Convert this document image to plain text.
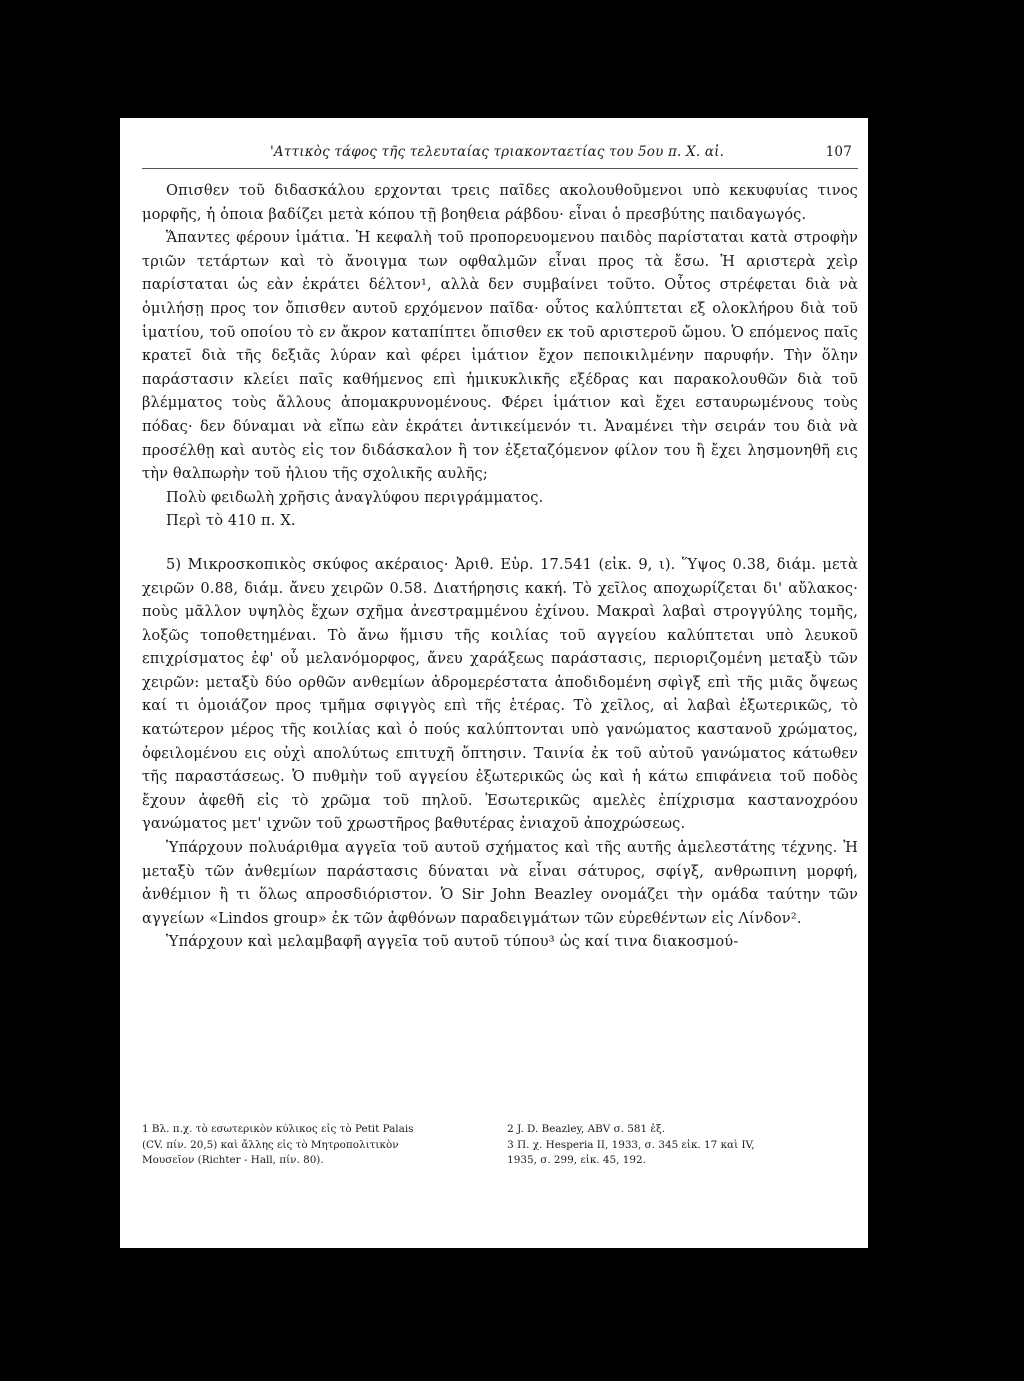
'Αττικὸς τάφος τῆς τελευταίας τριακονταετίας του 5ου π. Χ. αἰ.	107

Οπισθεν τοῦ διδασκάλου ερχονται τρεις παῖδες ακολουθοῦμενοι υπὸ κεκυφυίας τινος μορφῆς, ἡ ὁποια βαδίζει μετὰ κόπου τῇ βοηθεια ράβδου· εἶναι ὁ πρεσβύτης παιδαγωγός.

Ἅπαντες φέρουν ἱμάτια. Ἡ κεφαλὴ τοῦ προπορευομενου παιδὸς παρίσταται κατὰ στροφὴν τριῶν τετάρτων καὶ τὸ ἄνοιγμα των οφθαλμῶν εἶναι προς τὰ ἔσω. Ἡ αριστερὰ χεὶρ παρίσταται ὡς εὰν ἐκράτει δέλτον¹, αλλὰ δεν συμβαίνει τοῦτο. Οὗτος στρέφεται διὰ νὰ ὁμιλήσῃ προς τον ὄπισθεν αυτοῦ ερχόμενον παῖδα· οὗτος καλύπτεται εξ ολοκλήρου διὰ τοῦ ἱματίου, τοῦ οποίου τὸ εν ἄκρον καταπίπτει ὄπισθεν εκ τοῦ αριστεροῦ ὤμου. Ὁ επόμενος παῖς κρατεῖ διὰ τῆς δεξιᾶς λύραν καὶ φέρει ἱμάτιον ἔχον πεποικιλμένην παρυφήν. Τὴν ὅλην παράστασιν κλείει παῖς καθήμενος επὶ ἡμικυκλικῆς εξέδρας και παρακολουθῶν διὰ τοῦ βλέμματος τοὺς ἄλλους ἀπομακρυνομένους. Φέρει ἱμάτιον καὶ ἔχει εσταυρωμένους τοὺς πόδας· δεν δύναμαι νὰ εἴπω εὰν ἐκράτει ἀντικείμενόν τι. Ἀναμένει τὴν σειράν του διὰ νὰ προσέλθῃ καὶ αυτὸς εἰς τον διδάσκαλον ἢ τον ἐξεταζόμενον φίλον του ἢ ἔχει λησμονηθῆ εις τὴν θαλπωρὴν τοῦ ἡλιου τῆς σχολικῆς αυλῆς;

Πολὺ φειδωλὴ χρῆσις ἀναγλύφου περιγράμματος.

Περὶ τὸ 410 π. Χ.

5) Μικροσκοπικὸς σκύφος ακέραιος· Ἀριθ. Εὑρ. 17.541 (εἰκ. 9, ι). Ὕψος 0.38, διάμ. μετὰ χειρῶν 0.88, διάμ. ἄνευ χειρῶν 0.58. Διατήρησις κακή. Τὸ χεῖλος αποχωρίζεται δι' αὔλακος· ποὺς μᾶλλον υψηλὸς ἔχων σχῆμα ἀνεστραμμένου ἐχίνου. Μακραὶ λαβαὶ στρογγύλης τομῆς, λοξῶς τοποθετημέναι. Τὸ ἄνω ἥμισυ τῆς κοιλίας τοῦ αγγείου καλύπτεται υπὸ λευκοῦ επιχρίσματος ἐφ' οὗ μελανόμορφος, ἄνευ χαράξεως παράστασις, περιοριζομένη μεταξὺ τῶν χειρῶν: μεταξὺ δύο ορθῶν ανθεμίων ἀδρομερέστατα ἀποδιδομένη σφὶγξ επὶ τῆς μιᾶς ὄψεως καί τι ὁμοιάζον προς τμῆμα σφιγγὸς επὶ τῆς ἑτέρας. Τὸ χεῖλος, αἱ λαβαὶ ἐξωτερικῶς, τὸ κατώτερον μέρος τῆς κοιλίας καὶ ὁ πούς καλύπτονται υπὸ γανώματος καστανοῦ χρώματος, ὀφειλομένου εις οὐχὶ απολύτως επιτυχῆ ὄπτησιν. Ταινία ἐκ τοῦ αὐτοῦ γανώματος κάτωθεν τῆς παραστάσεως. Ὁ πυθμὴν τοῦ αγγείου ἐξωτερικῶς ὡς καὶ ἡ κάτω επιφάνεια τοῦ ποδὸς ἔχουν ἀφεθῆ εἰς τὸ χρῶμα τοῦ πηλοῦ. Ἐσωτερικῶς αμελὲς ἐπίχρισμα καστανοχρόου γανώματος μετ' ιχνῶν τοῦ χρωστῆρος βαθυτέρας ἐνιαχοῦ ἀποχρώσεως.

Ὑπάρχουν πολυάριθμα αγγεῖα τοῦ αυτοῦ σχήματος καὶ τῆς αυτῆς ἀμελεστάτης τέχνης. Ἡ μεταξὺ τῶν ἀνθεμίων παράστασις δύναται νὰ εἶναι σάτυρος, σφίγξ, ανθρωπινη μορφή, ἀνθέμιον ἢ τι ὅλως απροσδιόριστον. Ὁ Sir John Beazley ονομάζει τὴν ομάδα ταύτην τῶν αγγείων «Lindos group» ἐκ τῶν ἀφθόνων παραδειγμάτων τῶν εὑρεθέντων εἰς Λίνδον².

Ὑπάρχουν καὶ μελαμβαφῆ αγγεῖα τοῦ αυτοῦ τύπου³ ὡς καί τινα διακοσμού-

1 Βλ. π.χ. τὸ εσωτερικὸν κύλικος εἰς τὸ Petit Palais

(CV. πίν. 20,5) καὶ ἄλλης εἰς τὸ Μητροπολιτικὸν

Μουσεῖον (Richter - Hall, πίν. 80).

2 J. D. Beazley, ABV σ. 581 ἑξ.

3 Π. χ. Hesperia II, 1933, σ. 345 εἰκ. 17 καὶ IV,

1935, σ. 299, εἰκ. 45, 192.
